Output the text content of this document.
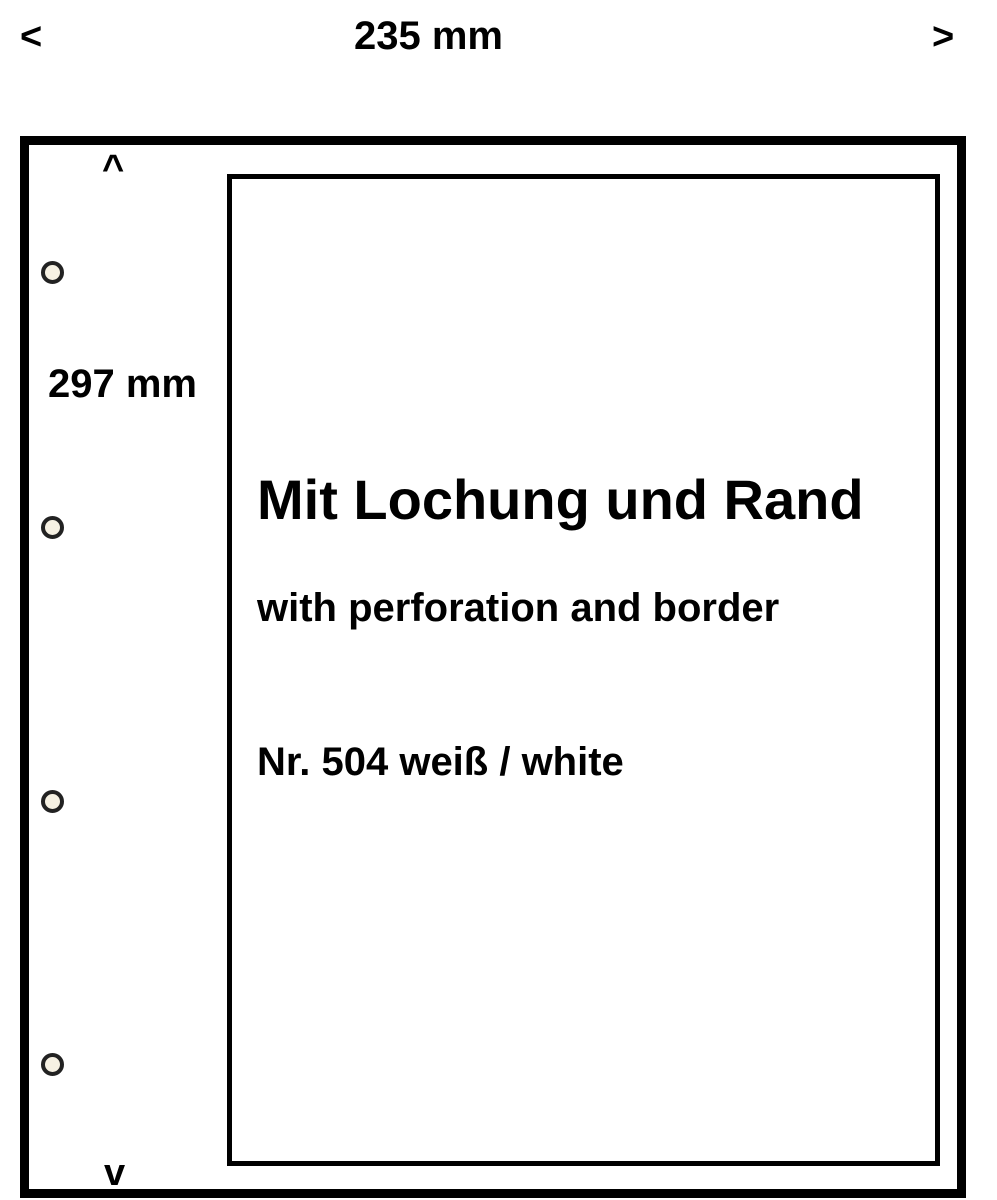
<	235 mm	>
^
297 mm
v
Mit Lochung und Rand
with perforation and border
Nr. 504 weiß / white
